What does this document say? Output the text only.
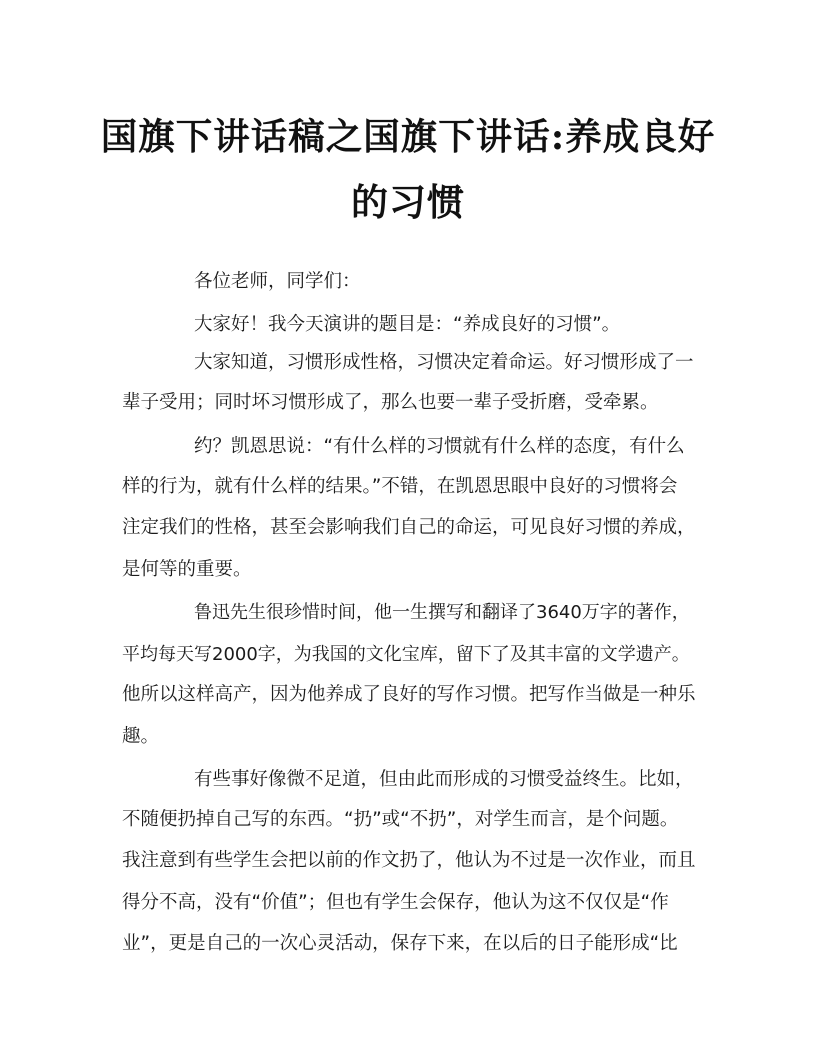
国旗下讲话稿之国旗下讲话:养成良好
的习惯

各位老师，同学们：

大家好！我今天演讲的题目是：“养成良好的习惯”。

大家知道，习惯形成性格，习惯决定着命运。好习惯形成了一

辈子受用；同时坏习惯形成了，那么也要一辈子受折磨，受牵累。

约？凯恩思说：“有什么样的习惯就有什么样的态度，有什么

样的行为，就有什么样的结果。”不错，在凯恩思眼中良好的习惯将会

注定我们的性格，甚至会影响我们自己的命运，可见良好习惯的养成，

是何等的重要。

鲁迅先生很珍惜时间，他一生撰写和翻译了3640万字的著作，

平均每天写2000字，为我国的文化宝库，留下了及其丰富的文学遗产。

他所以这样高产，因为他养成了良好的写作习惯。把写作当做是一种乐

趣。

有些事好像微不足道，但由此而形成的习惯受益终生。比如，

不随便扔掉自己写的东西。“扔”或“不扔”，对学生而言，是个问题。

我注意到有些学生会把以前的作文扔了，他认为不过是一次作业，而且

得分不高，没有“价值”；但也有学生会保存，他认为这不仅仅是“作

业”，更是自己的一次心灵活动，保存下来，在以后的日子能形成“比
